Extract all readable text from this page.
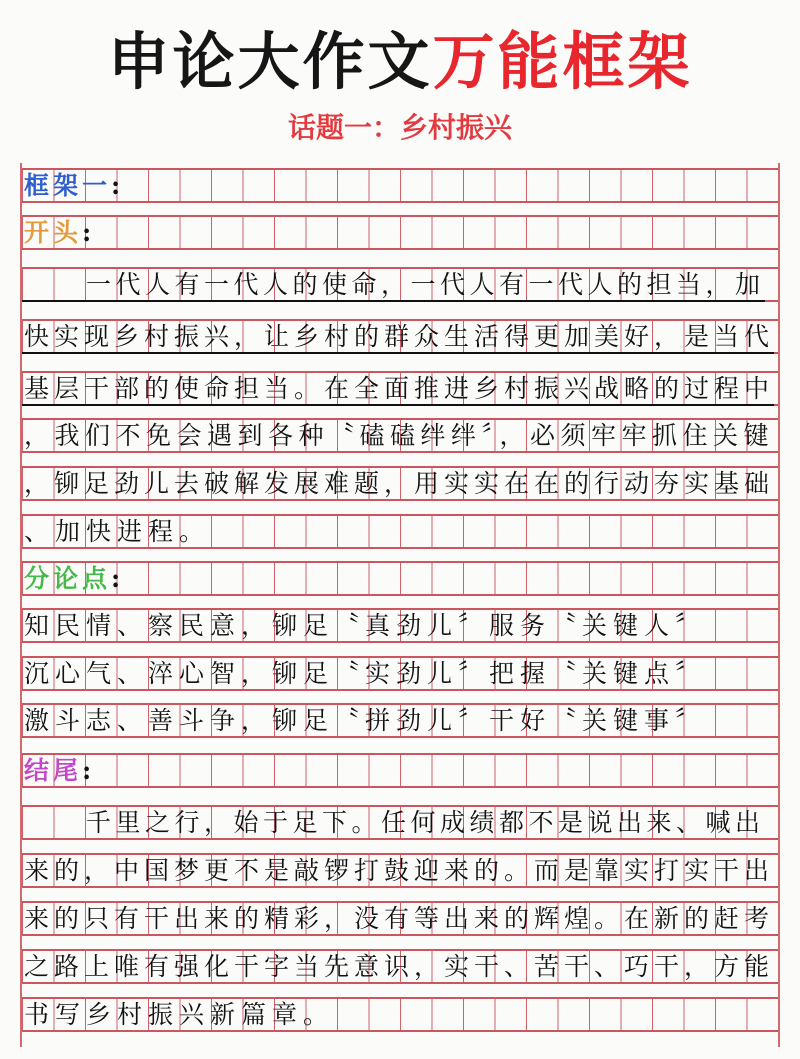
申论大作文万能框架
话题一：乡村振兴
框架一:
开头:
一代人有一代人的使命，一代人有一代人的担当，加
快实现乡村振兴，让乡村的群众生活得更加美好，是当代
基层干部的使命担当。在全面推进乡村振兴战略的过程中
，我们不免会遇到各种〝磕磕绊绊〞，必须牢牢抓住关键
，铆足劲儿去破解发展难题，用实实在在的行动夯实基础
、加快进程。
分论点:
知民情、察民意，铆足〝真劲儿〞服务〝关键人〞
沉心气、淬心智，铆足〝实劲儿〞把握〝关键点〞
激斗志、善斗争，铆足〝拼劲儿〞干好〝关键事〞
结尾:
千里之行，始于足下。任何成绩都不是说出来、喊出
来的，中国梦更不是敲锣打鼓迎来的。而是靠实打实干出
来的只有干出来的精彩，没有等出来的辉煌。在新的赶考
之路上唯有强化干字当先意识，实干、苦干、巧干，方能
书写乡村振兴新篇章。
